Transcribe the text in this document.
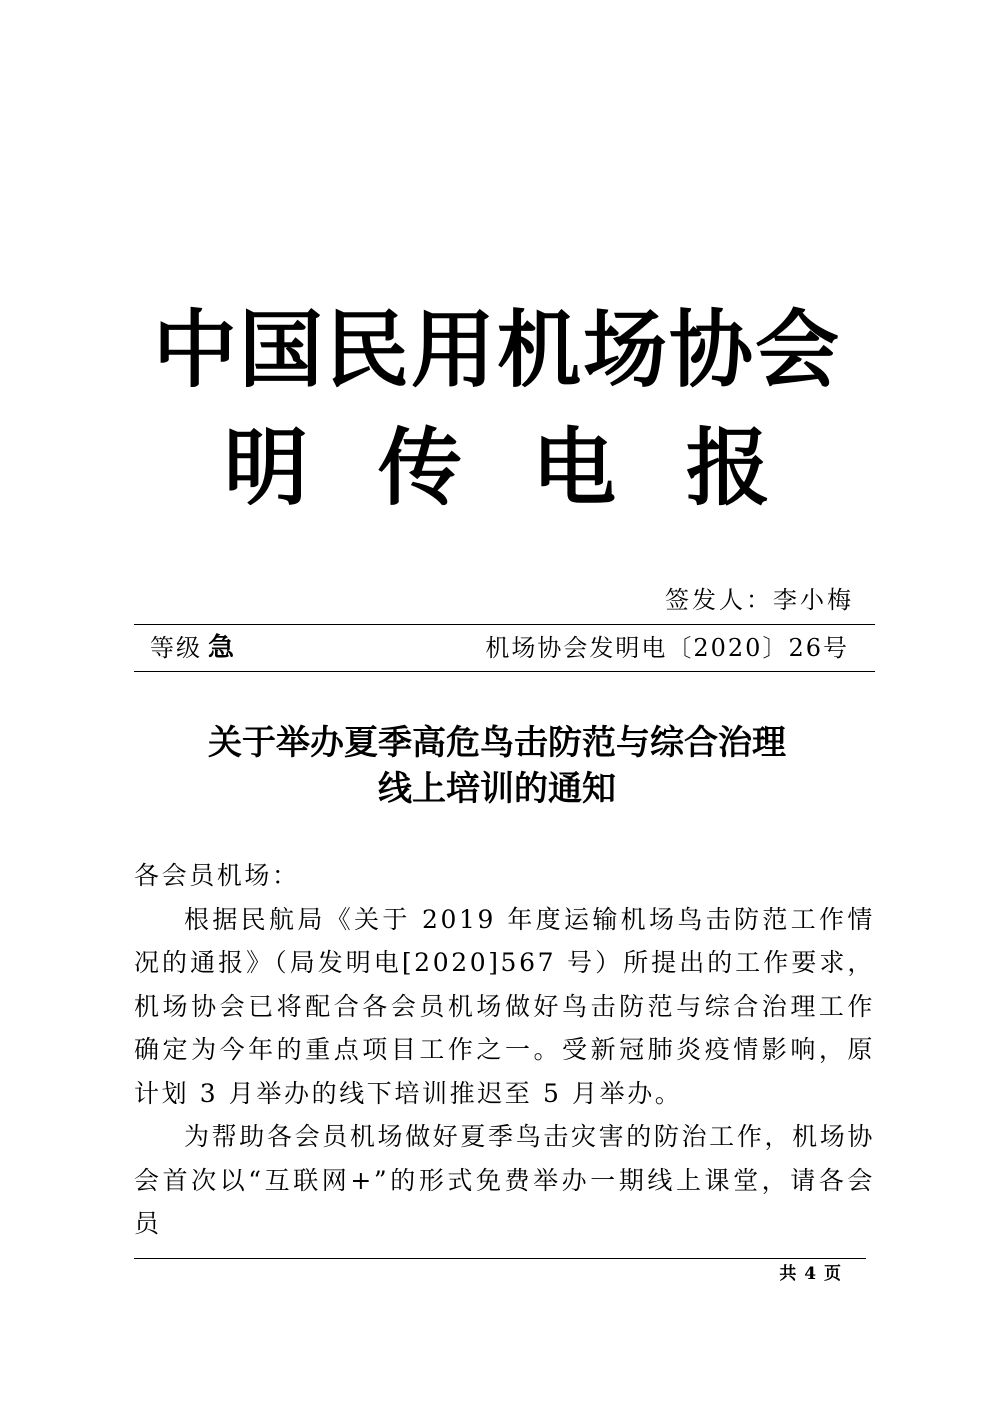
中国民用机场协会
明传电报
签发人：李小梅
等级 急	机场协会发明电〔2020〕26号
关于举办夏季高危鸟击防范与综合治理
线上培训的通知

各会员机场：

根据民航局《关于 2019 年度运输机场鸟击防范工作情况的通报》（局发明电[2020]567 号）所提出的工作要求，机场协会已将配合各会员机场做好鸟击防范与综合治理工作确定为今年的重点项目工作之一。受新冠肺炎疫情影响，原计划 3 月举办的线下培训推迟至 5 月举办。

为帮助各会员机场做好夏季鸟击灾害的防治工作，机场协会首次以“互联网+”的形式免费举办一期线上课堂，请各会员

共 4 页
